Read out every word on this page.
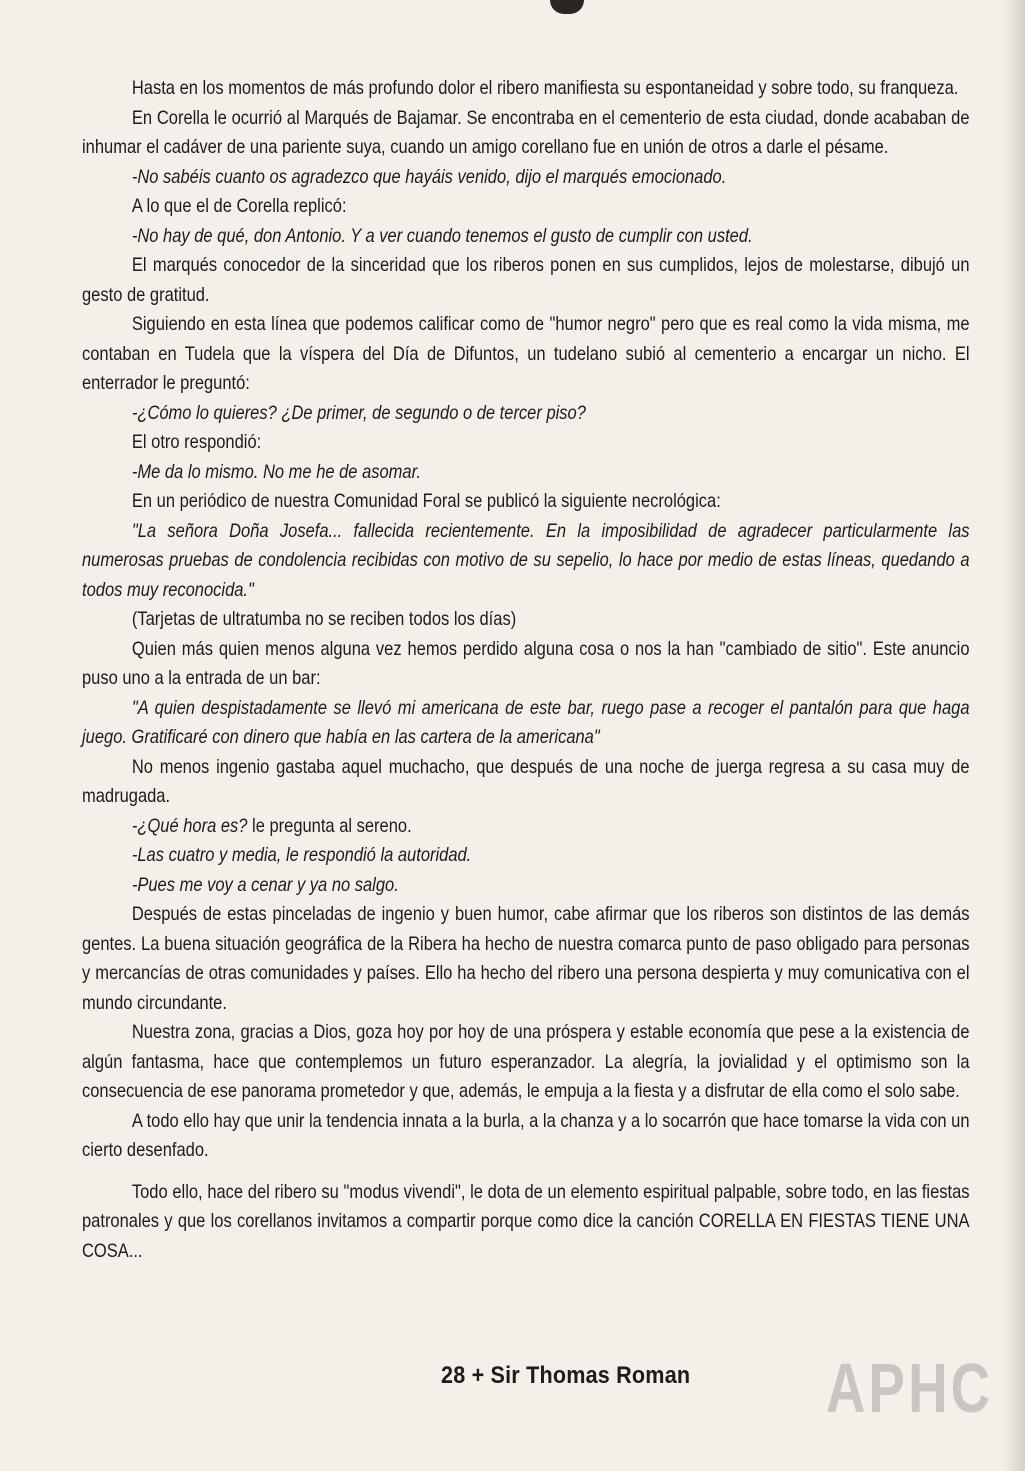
Hasta en los momentos de más profundo dolor el ribero manifiesta su espontaneidad y sobre todo, su franqueza.

En Corella le ocurrió al Marqués de Bajamar. Se encontraba en el cementerio de esta ciudad, donde acababan de inhumar el cadáver de una pariente suya, cuando un amigo corellano fue en unión de otros a darle el pésame.

-No sabéis cuanto os agradezco que hayáis venido, dijo el marqués emocionado.

A lo que el de Corella replicó:

-No hay de qué, don Antonio. Y a ver cuando tenemos el gusto de cumplir con usted.

El marqués conocedor de la sinceridad que los riberos ponen en sus cumplidos, lejos de molestarse, dibujó un gesto de gratitud.

Siguiendo en esta línea que podemos calificar como de "humor negro" pero que es real como la vida misma, me contaban en Tudela que la víspera del Día de Difuntos, un tudelano subió al cementerio a encargar un nicho. El enterrador le preguntó:

-¿Cómo lo quieres? ¿De primer, de segundo o de tercer piso?

El otro respondió:

-Me da lo mismo. No me he de asomar.

En un periódico de nuestra Comunidad Foral se publicó la siguiente necrológica:

"La señora Doña Josefa... fallecida recientemente. En la imposibilidad de agradecer particularmente las numerosas pruebas de condolencia recibidas con motivo de su sepelio, lo hace por medio de estas líneas, quedando a todos muy reconocida."

(Tarjetas de ultratumba no se reciben todos los días)

Quien más quien menos alguna vez hemos perdido alguna cosa o nos la han "cambiado de sitio". Este anuncio puso uno a la entrada de un bar:

"A quien despistadamente se llevó mi americana de este bar, ruego pase a recoger el pantalón para que haga juego. Gratificaré con dinero que había en las cartera de la americana"

No menos ingenio gastaba aquel muchacho, que después de una noche de juerga regresa a su casa muy de madrugada.

-¿Qué hora es? le pregunta al sereno.

-Las cuatro y media, le respondió la autoridad.

-Pues me voy a cenar y ya no salgo.

Después de estas pinceladas de ingenio y buen humor, cabe afirmar que los riberos son distintos de las demás gentes. La buena situación geográfica de la Ribera ha hecho de nuestra comarca punto de paso obligado para personas y mercancías de otras comunidades y países. Ello ha hecho del ribero una persona despierta y muy comunicativa con el mundo circundante.

Nuestra zona, gracias a Dios, goza hoy por hoy de una próspera y estable economía que pese a la existencia de algún fantasma, hace que contemplemos un futuro esperanzador. La alegría, la jovialidad y el optimismo son la consecuencia de ese panorama prometedor y que, además, le empuja a la fiesta y a disfrutar de ella como el solo sabe.

A todo ello hay que unir la tendencia innata a la burla, a la chanza y a lo socarrón que hace tomarse la vida con un cierto desenfado.

Todo ello, hace del ribero su "modus vivendi", le dota de un elemento espiritual palpable, sobre todo, en las fiestas patronales y que los corellanos invitamos a compartir porque como dice la canción CORELLA EN FIESTAS TIENE UNA COSA...

28 + Sir Thomas Roman APHC
